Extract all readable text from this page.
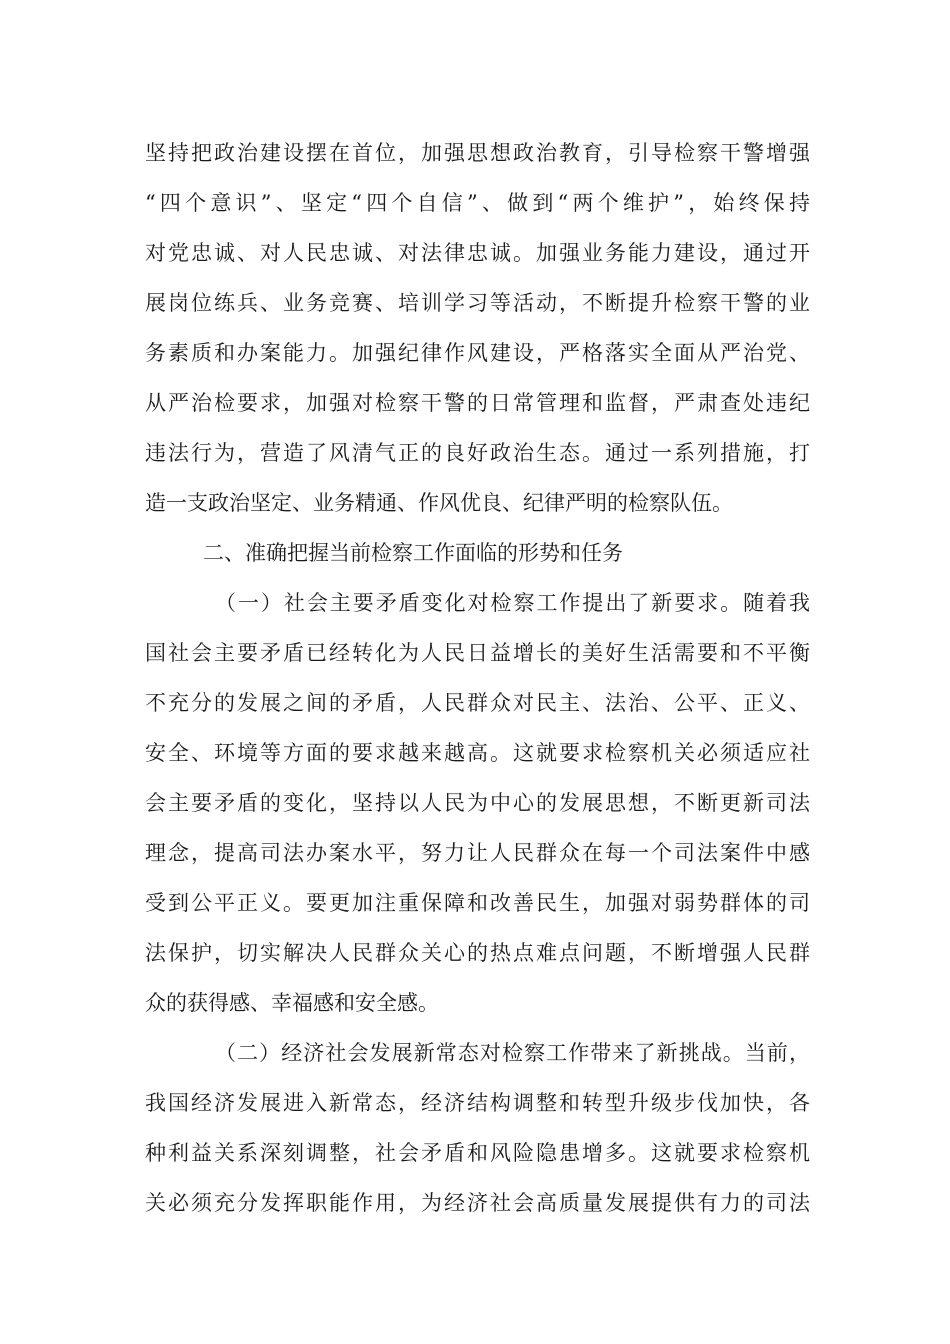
坚持把政治建设摆在首位，加强思想政治教育，引导检察干警增强
“四个意识”、坚定“四个自信”、做到“两个维护”，始终保持
对党忠诚、对人民忠诚、对法律忠诚。加强业务能力建设，通过开
展岗位练兵、业务竞赛、培训学习等活动，不断提升检察干警的业
务素质和办案能力。加强纪律作风建设，严格落实全面从严治党、
从严治检要求，加强对检察干警的日常管理和监督，严肃查处违纪
违法行为，营造了风清气正的良好政治生态。通过一系列措施，打
造一支政治坚定、业务精通、作风优良、纪律严明的检察队伍。
二、准确把握当前检察工作面临的形势和任务
（一）社会主要矛盾变化对检察工作提出了新要求。随着我
国社会主要矛盾已经转化为人民日益增长的美好生活需要和不平衡
不充分的发展之间的矛盾，人民群众对民主、法治、公平、正义、
安全、环境等方面的要求越来越高。这就要求检察机关必须适应社
会主要矛盾的变化，坚持以人民为中心的发展思想，不断更新司法
理念，提高司法办案水平，努力让人民群众在每一个司法案件中感
受到公平正义。要更加注重保障和改善民生，加强对弱势群体的司
法保护，切实解决人民群众关心的热点难点问题，不断增强人民群
众的获得感、幸福感和安全感。
（二）经济社会发展新常态对检察工作带来了新挑战。当前，
我国经济发展进入新常态，经济结构调整和转型升级步伐加快，各
种利益关系深刻调整，社会矛盾和风险隐患增多。这就要求检察机
关必须充分发挥职能作用，为经济社会高质量发展提供有力的司法
